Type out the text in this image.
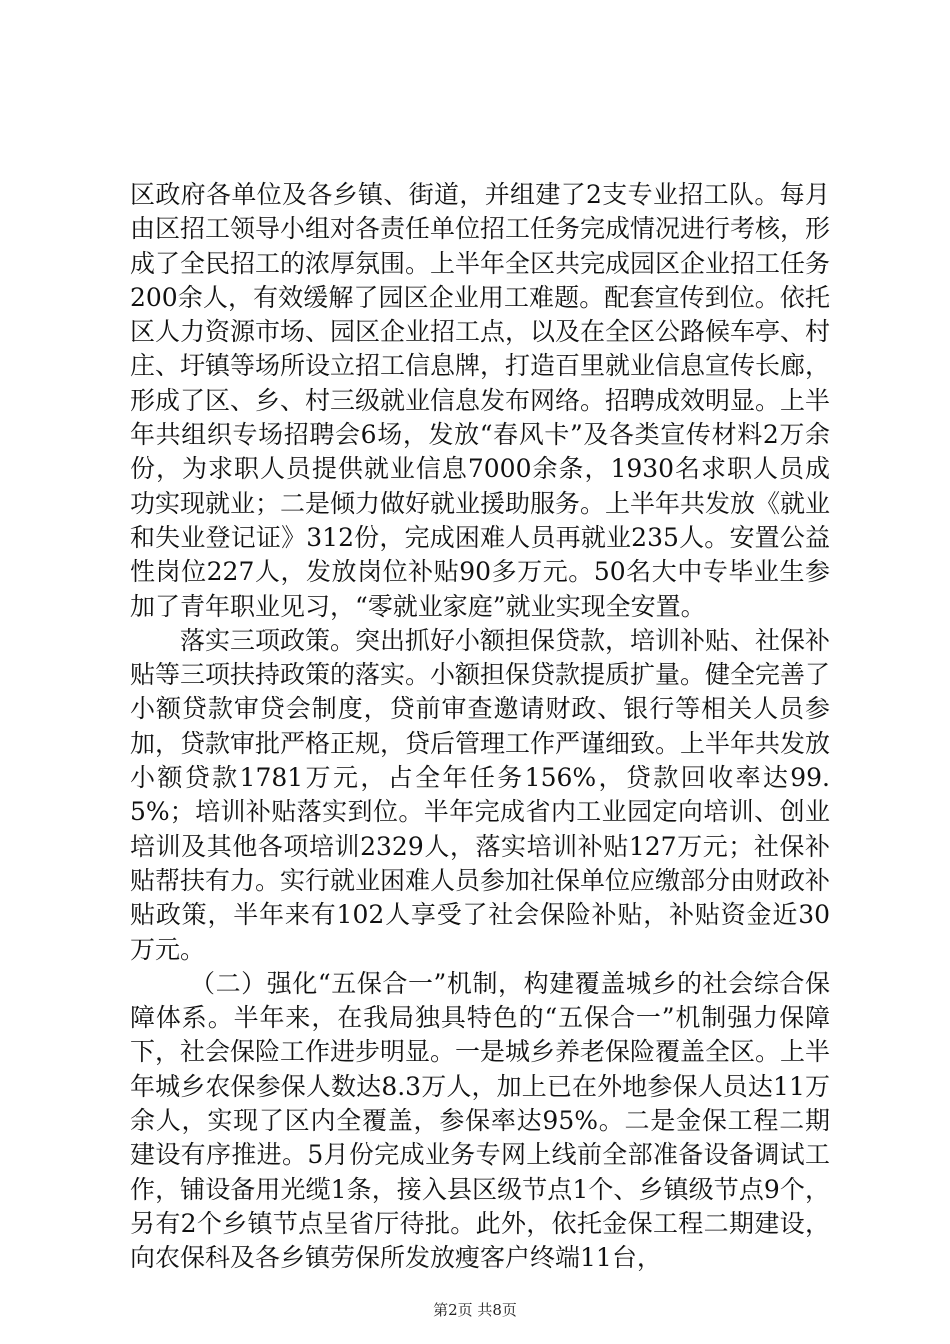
区政府各单位及各乡镇、街道，并组建了2支专业招工队。每月由区招工领导小组对各责任单位招工任务完成情况进行考核，形成了全民招工的浓厚氛围。上半年全区共完成园区企业招工任务200余人，有效缓解了园区企业用工难题。配套宣传到位。依托区人力资源市场、园区企业招工点，以及在全区公路候车亭、村庄、圩镇等场所设立招工信息牌，打造百里就业信息宣传长廊，形成了区、乡、村三级就业信息发布网络。招聘成效明显。上半年共组织专场招聘会6场，发放“春风卡”及各类宣传材料2万余份，为求职人员提供就业信息7000余条，1930名求职人员成功实现就业；二是倾力做好就业援助服务。上半年共发放《就业和失业登记证》312份，完成困难人员再就业235人。安置公益性岗位227人，发放岗位补贴90多万元。50名大中专毕业生参加了青年职业见习，“零就业家庭”就业实现全安置。

落实三项政策。突出抓好小额担保贷款，培训补贴、社保补贴等三项扶持政策的落实。小额担保贷款提质扩量。健全完善了小额贷款审贷会制度，贷前审查邀请财政、银行等相关人员参加，贷款审批严格正规，贷后管理工作严谨细致。上半年共发放小额贷款1781万元，占全年任务156%，贷款回收率达99.5%；培训补贴落实到位。半年完成省内工业园定向培训、创业培训及其他各项培训2329人，落实培训补贴127万元；社保补贴帮扶有力。实行就业困难人员参加社保单位应缴部分由财政补贴政策，半年来有102人享受了社会保险补贴，补贴资金近30万元。

（二）强化“五保合一”机制，构建覆盖城乡的社会综合保障体系。半年来，在我局独具特色的“五保合一”机制强力保障下，社会保险工作进步明显。一是城乡养老保险覆盖全区。上半年城乡农保参保人数达8.3万人，加上已在外地参保人员达11万余人，实现了区内全覆盖，参保率达95%。二是金保工程二期建设有序推进。5月份完成业务专网上线前全部准备设备调试工作，铺设备用光缆1条，接入县区级节点1个、乡镇级节点9个，另有2个乡镇节点呈省厅待批。此外，依托金保工程二期建设，向农保科及各乡镇劳保所发放瘦客户终端11台，

第2页 共8页
